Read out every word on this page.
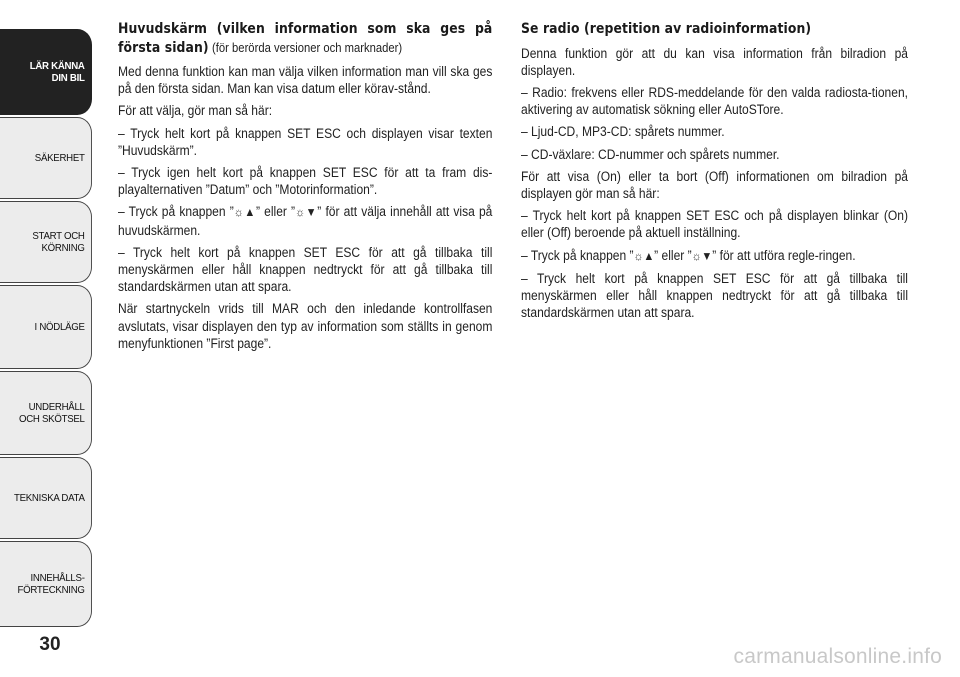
LÄR KÄNNA
DIN BIL
SÄKERHET
START OCH
KÖRNING
I NÖDLÄGE
UNDERHÅLL
OCH SKÖTSEL
TEKNISKA DATA
INNEHÅLLS-
FÖRTECKNING
30

Huvudskärm (vilken information som ska ges på första sidan) (för berörda versioner och marknader)

Med denna funktion kan man välja vilken information man vill ska ges på den första sidan. Man kan visa datum eller körav-stånd.

För att välja, gör man så här:

– Tryck helt kort på knappen SET ESC och displayen visar texten ”Huvudskärm”.

– Tryck igen helt kort på knappen SET ESC för att ta fram dis-playalternativen ”Datum” och ”Motorinformation”.

– Tryck på knappen ”☼▲” eller ”☼▼” för att välja innehåll att visa på huvudskärmen.

– Tryck helt kort på knappen SET ESC för att gå tillbaka till menyskärmen eller håll knappen nedtryckt för att gå tillbaka till standardskärmen utan att spara.

När startnyckeln vrids till MAR och den inledande kontrollfasen avslutats, visar displayen den typ av information som ställts in genom menyfunktionen ”First page”.

Se radio (repetition av radioinformation)

Denna funktion gör att du kan visa information från bilradion på displayen.

– Radio: frekvens eller RDS-meddelande för den valda radiosta-tionen, aktivering av automatisk sökning eller AutoSTore.

– Ljud-CD, MP3-CD: spårets nummer.

– CD-växlare: CD-nummer och spårets nummer.

För att visa (On) eller ta bort (Off) informationen om bilradion på displayen gör man så här:

– Tryck helt kort på knappen SET ESC och på displayen blinkar (On) eller (Off) beroende på aktuell inställning.

– Tryck på knappen ”☼▲” eller ”☼▼” för att utföra regle-ringen.

– Tryck helt kort på knappen SET ESC för att gå tillbaka till menyskärmen eller håll knappen nedtryckt för att gå tillbaka till standardskärmen utan att spara.

carmanualsonline.info
